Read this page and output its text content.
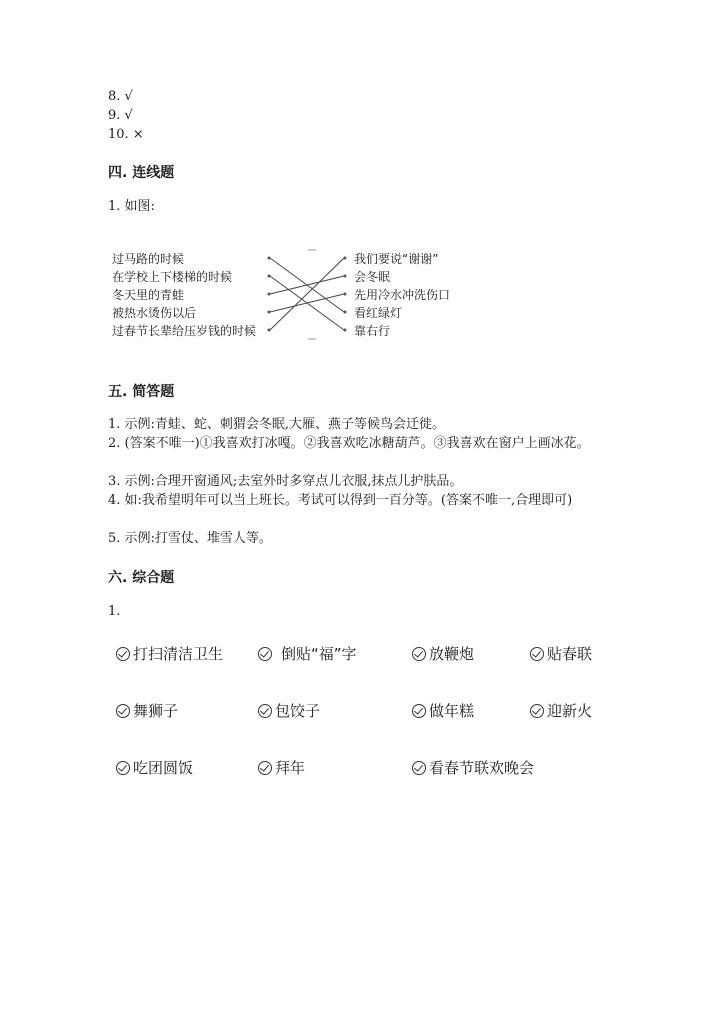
8. √
9. √
10. ×
四. 连线题
1. 如图:
过马路的时候
在学校上下楼梯的时候
冬天里的青蛙
被热水烫伤以后
过春节长辈给压岁钱的时候
我们要说“谢谢”
会冬眠
先用冷水冲洗伤口
看红绿灯
靠右行
五. 简答题
1. 示例:青蛙、蛇、刺猬会冬眠,大雁、燕子等候鸟会迁徙。
2. (答案不唯一)①我喜欢打冰嘎。②我喜欢吃冰糖葫芦。③我喜欢在窗户上画冰花。
3. 示例:合理开窗通风;去室外时多穿点儿衣服,抹点儿护肤品。
4. 如:我希望明年可以当上班长。考试可以得到一百分等。(答案不唯一,合理即可)
5. 示例:打雪仗、堆雪人等。
六. 综合题
1.
打扫清洁卫生	倒贴“福”字	放鞭炮	贴春联
舞狮子	包饺子	做年糕	迎新火
吃团圆饭	拜年	看春节联欢晚会
